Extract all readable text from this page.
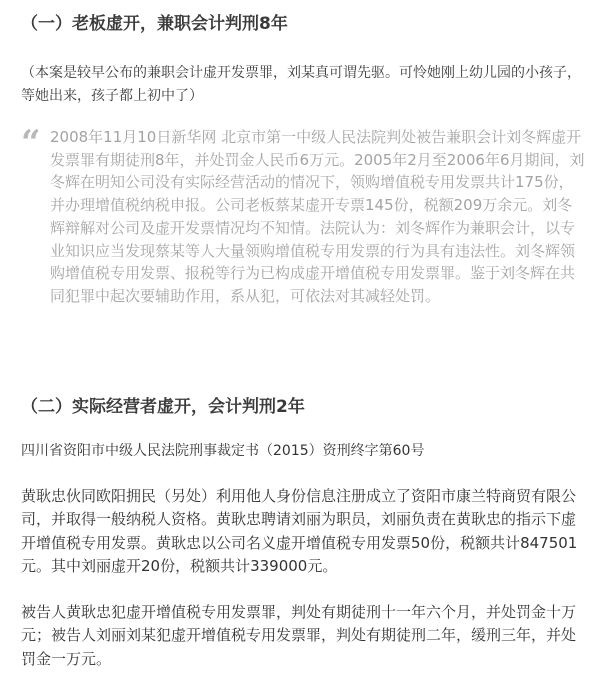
（一）老板虚开，兼职会计判刑8年
（本案是较早公布的兼职会计虚开发票罪，刘某真可谓先驱。可怜她刚上幼儿园的小孩子，等她出来，孩子都上初中了）
“ 2008年11月10日新华网 北京市第一中级人民法院判处被告兼职会计刘冬辉虚开发票罪有期徒刑8年，并处罚金人民币6万元。2005年2月至2006年6月期间，刘冬辉在明知公司没有实际经营活动的情况下，领购增值税专用发票共计175份，并办理增值税纳税申报。公司老板蔡某虚开专票145份，税额209万余元。刘冬辉辩解对公司及虚开发票情况均不知情。法院认为：刘冬辉作为兼职会计，以专业知识应当发现蔡某等人大量领购增值税专用发票的行为具有违法性。刘冬辉领购增值税专用发票、报税等行为已构成虚开增值税专用发票罪。鉴于刘冬辉在共同犯罪中起次要辅助作用，系从犯，可依法对其减轻处罚。
（二）实际经营者虚开，会计判刑2年
四川省资阳市中级人民法院刑事裁定书（2015）资刑终字第60号
黄耿忠伙同欧阳拥民（另处）利用他人身份信息注册成立了资阳市康兰特商贸有限公司，并取得一般纳税人资格。黄耿忠聘请刘丽为职员，刘丽负责在黄耿忠的指示下虚开增值税专用发票。黄耿忠以公司名义虚开增值税专用发票50份，税额共计847501元。其中刘丽虚开20份，税额共计339000元。
被告人黄耿忠犯虚开增值税专用发票罪，判处有期徒刑十一年六个月，并处罚金十万元；被告人刘丽刘某犯虚开增值税专用发票罪，判处有期徒刑二年，缓刑三年，并处罚金一万元。
